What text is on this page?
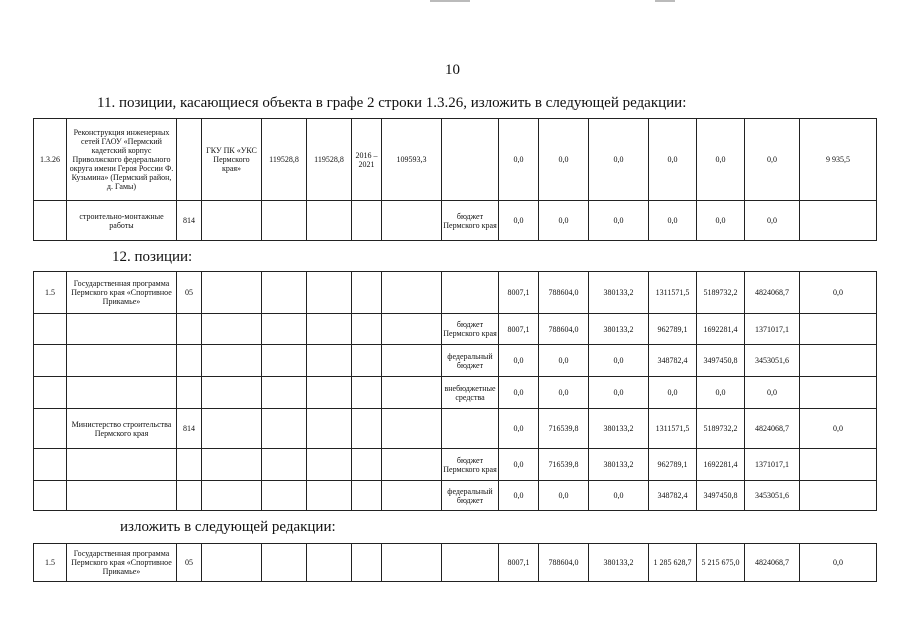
10
11. позиции, касающиеся объекта в графе 2 строки 1.3.26, изложить в следующей редакции:
1.3.26	Реконструкция инженерных сетей ГАОУ «Пермский кадетский корпус Приволжского федерального округа имени Героя России Ф. Кузьмина» (Пермский район, д. Гамы)		ГКУ ПК «УКС Пермского края»	119528,8	119528,8	2016 – 2021	109593,3		0,0	0,0	0,0	0,0	0,0	0,0	9 935,5
	строительно-монтажные работы	814						бюджет Пермского края	0,0	0,0	0,0	0,0	0,0	0,0	
12. позиции:
1.5	Государственная программа Пермского края «Спортивное Прикамье»	05							8007,1	788604,0	380133,2	1311571,5	5189732,2	4824068,7	0,0
								бюджет Пермского края	8007,1	788604,0	380133,2	962789,1	1692281,4	1371017,1	
								федеральный бюджет	0,0	0,0	0,0	348782,4	3497450,8	3453051,6	
								внебюджетные средства	0,0	0,0	0,0	0,0	0,0	0,0	
	Министерство строительства Пермского края	814							0,0	716539,8	380133,2	1311571,5	5189732,2	4824068,7	0,0
								бюджет Пермского края	0,0	716539,8	380133,2	962789,1	1692281,4	1371017,1	
								федеральный бюджет	0,0	0,0	0,0	348782,4	3497450,8	3453051,6	
изложить в следующей редакции:
1.5	Государственная программа Пермского края «Спортивное Прикамье»	05							8007,1	788604,0	380133,2	1 285 628,7	5 215 675,0	4824068,7	0,0
